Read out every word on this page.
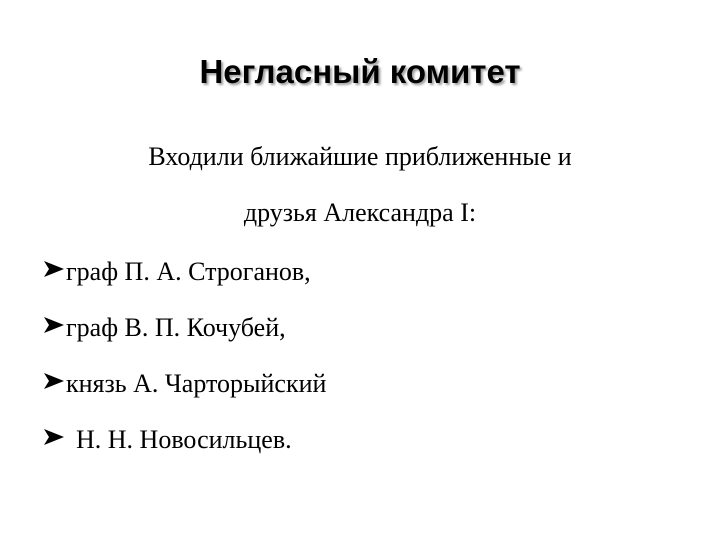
Негласный комитет
Входили ближайшие приближенные и
друзья Александра I:
граф П. А. Строганов,
граф В. П. Кочубей,
князь А. Чарторыйский
Н. Н. Новосильцев.
